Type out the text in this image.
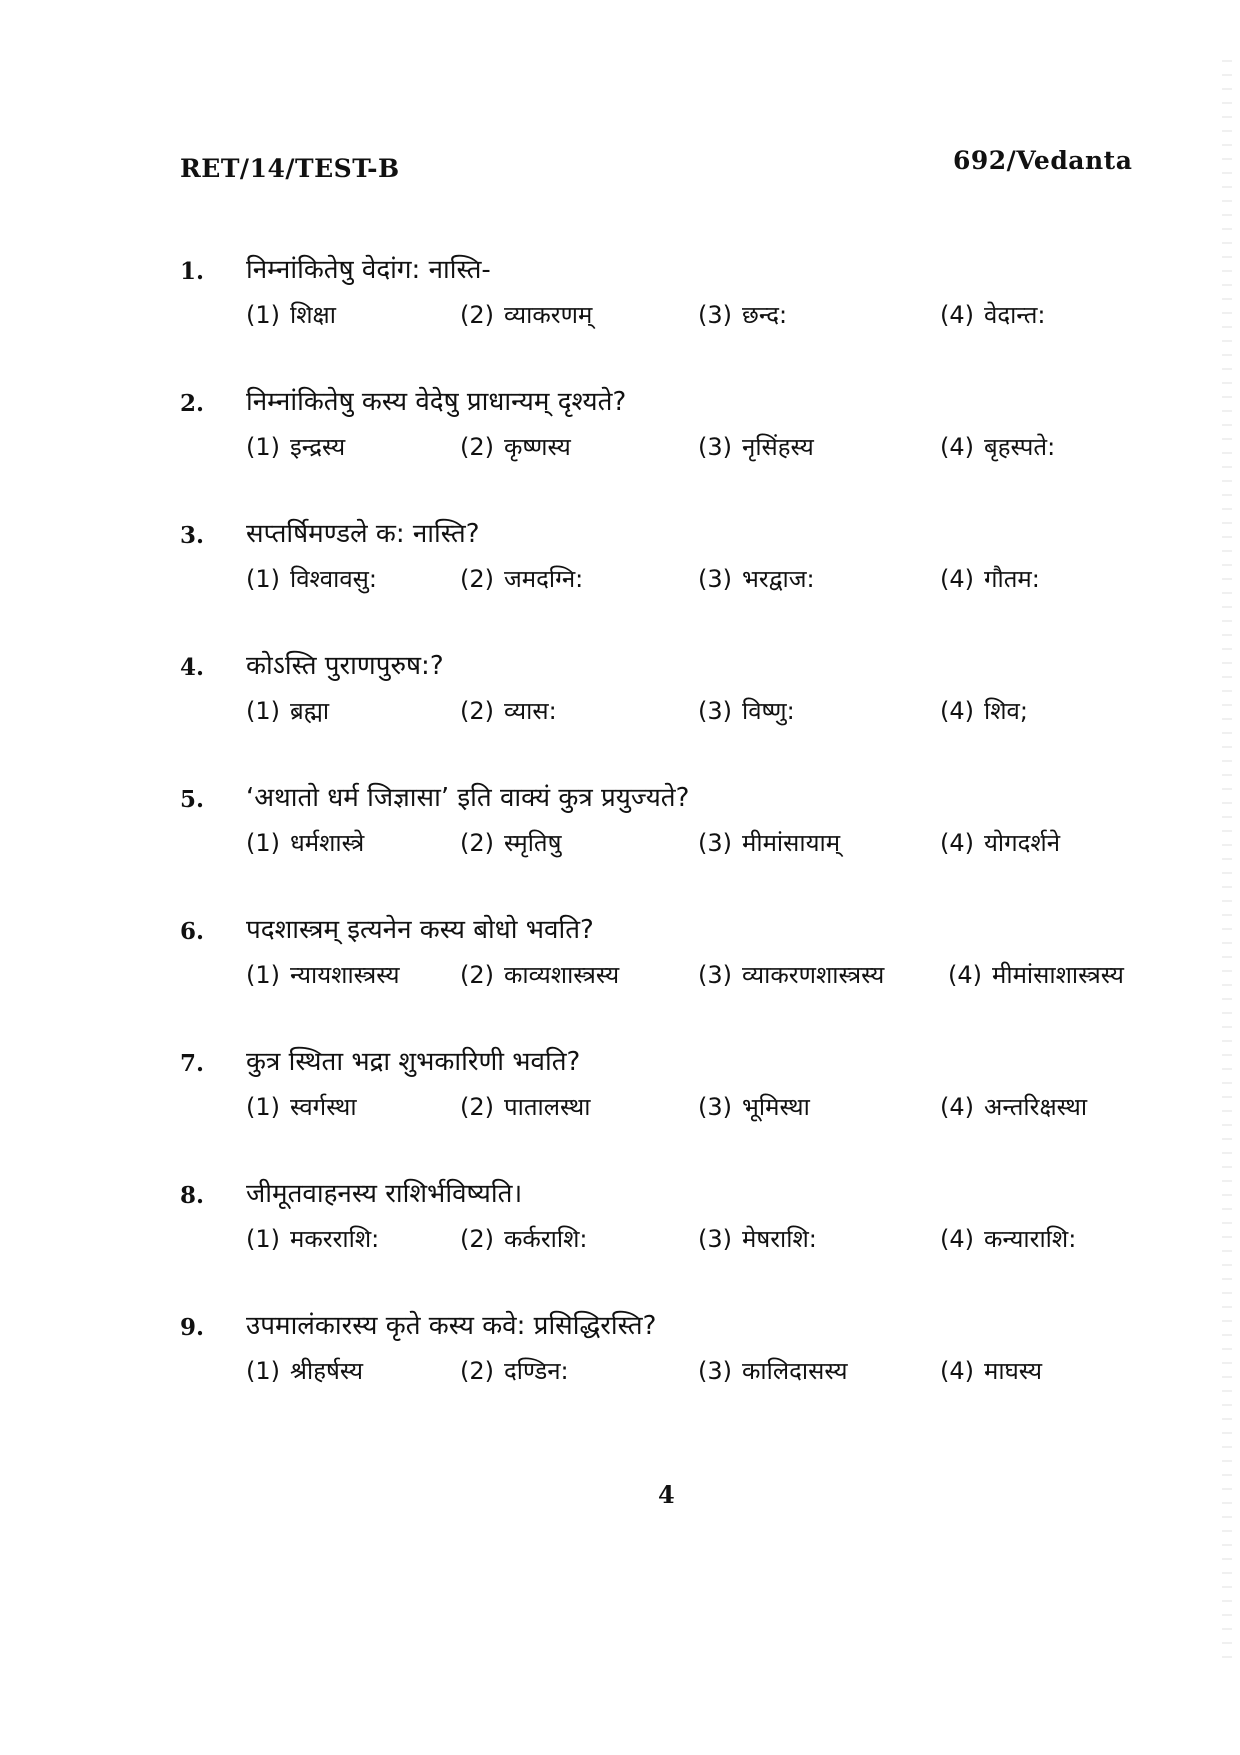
RET/14/TEST-B	692/Vedanta
1. निम्नांकितेषु वेदांग: नास्ति-
(1) शिक्षा	(2) व्याकरणम्	(3) छन्द:	(4) वेदान्त:
2. निम्नांकितेषु कस्य वेदेषु प्राधान्यम् दृश्यते?
(1) इन्द्रस्य	(2) कृष्णस्य	(3) नृसिंहस्य	(4) बृहस्पते:
3. सप्तर्षिमण्डले क: नास्ति?
(1) विश्वावसु:	(2) जमदग्नि:	(3) भरद्वाज:	(4) गौतम:
4. कोऽस्ति पुराणपुरुष:?
(1) ब्रह्मा	(2) व्यास:	(3) विष्णु:	(4) शिव;
5. ‘अथातो धर्म जिज्ञासा’ इति वाक्यं कुत्र प्रयुज्यते?
(1) धर्मशास्त्रे	(2) स्मृतिषु	(3) मीमांसायाम्	(4) योगदर्शने
6. पदशास्त्रम् इत्यनेन कस्य बोधो भवति?
(1) न्यायशास्त्रस्य	(2) काव्यशास्त्रस्य	(3) व्याकरणशास्त्रस्य	(4) मीमांसाशास्त्रस्य
7. कुत्र स्थिता भद्रा शुभकारिणी भवति?
(1) स्वर्गस्था	(2) पातालस्था	(3) भूमिस्था	(4) अन्तरिक्षस्था
8. जीमूतवाहनस्य राशिर्भविष्यति।
(1) मकरराशि:	(2) कर्कराशि:	(3) मेषराशि:	(4) कन्याराशि:
9. उपमालंकारस्य कृते कस्य कवे: प्रसिद्धिरस्ति?
(1) श्रीहर्षस्य	(2) दण्डिन:	(3) कालिदासस्य	(4) माघस्य
4
